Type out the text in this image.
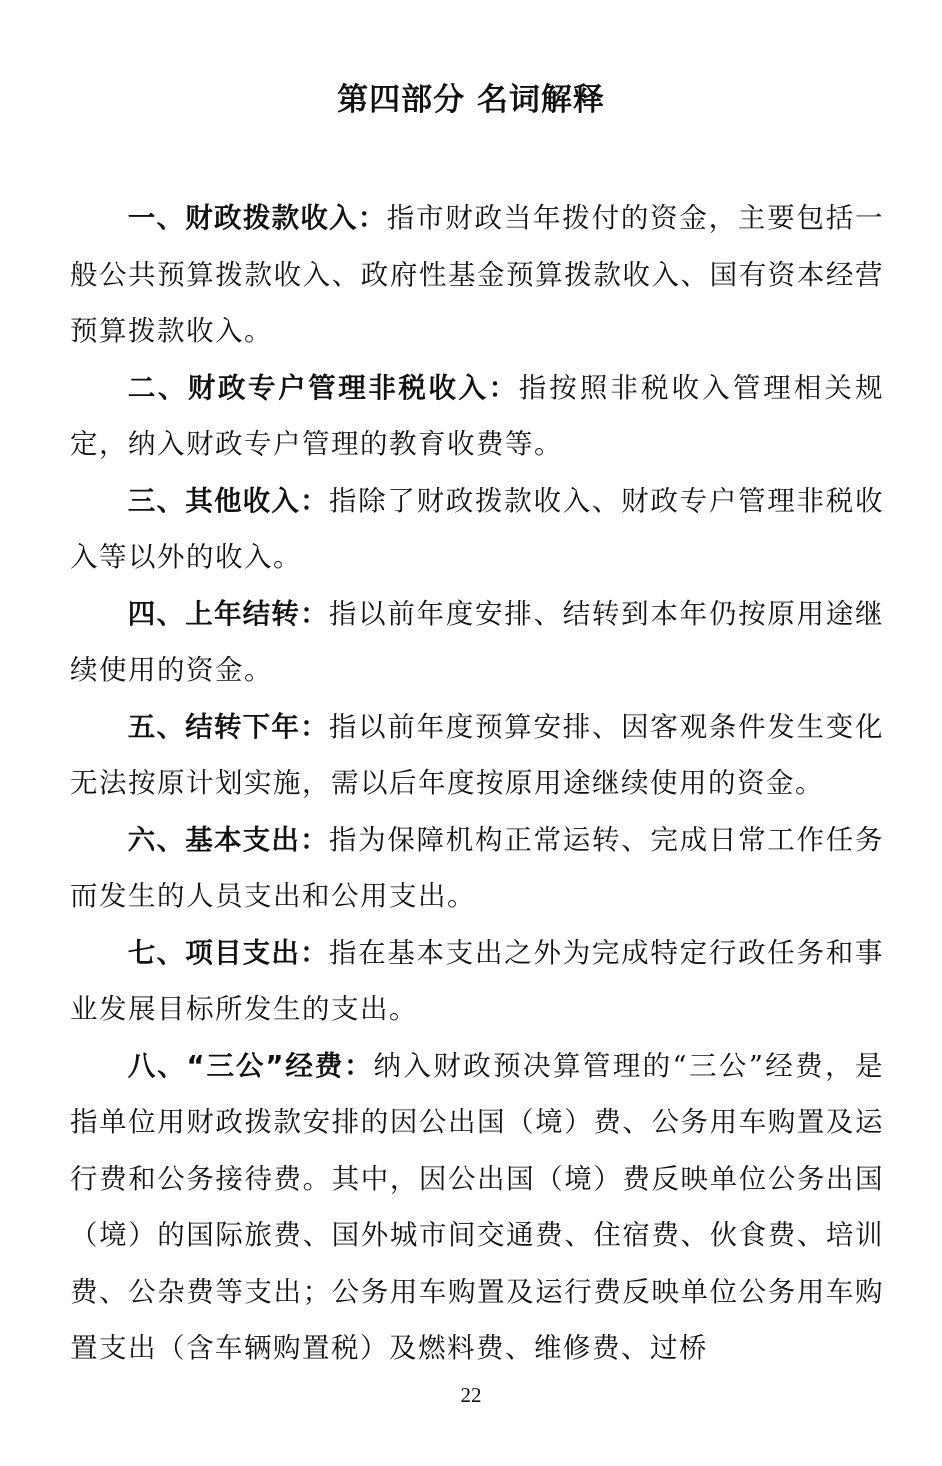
第四部分 名词解释

一、财政拨款收入：指市财政当年拨付的资金，主要包括一般公共预算拨款收入、政府性基金预算拨款收入、国有资本经营预算拨款收入。

二、财政专户管理非税收入：指按照非税收入管理相关规定，纳入财政专户管理的教育收费等。

三、其他收入：指除了财政拨款收入、财政专户管理非税收入等以外的收入。

四、上年结转：指以前年度安排、结转到本年仍按原用途继续使用的资金。

五、结转下年：指以前年度预算安排、因客观条件发生变化无法按原计划实施，需以后年度按原用途继续使用的资金。

六、基本支出：指为保障机构正常运转、完成日常工作任务而发生的人员支出和公用支出。

七、项目支出：指在基本支出之外为完成特定行政任务和事业发展目标所发生的支出。

八、“三公”经费：纳入财政预决算管理的“三公”经费，是指单位用财政拨款安排的因公出国（境）费、公务用车购置及运行费和公务接待费。其中，因公出国（境）费反映单位公务出国（境）的国际旅费、国外城市间交通费、住宿费、伙食费、培训费、公杂费等支出；公务用车购置及运行费反映单位公务用车购置支出（含车辆购置税）及燃料费、维修费、过桥

22
